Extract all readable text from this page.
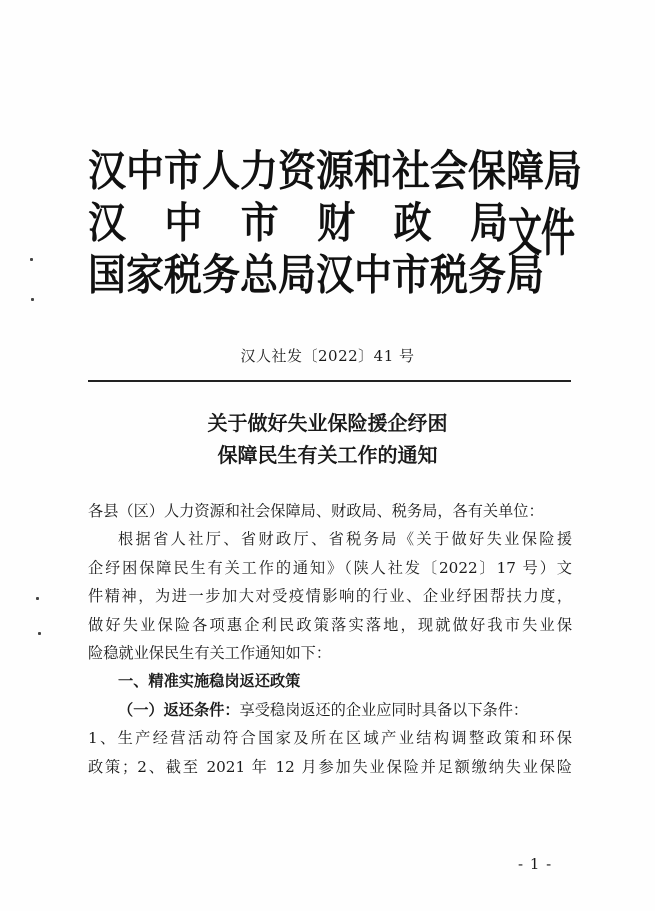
汉中市人力资源和社会保障局
汉 中 市 财 政 局
国家税务总局汉中市税务局
文件
汉人社发〔2022〕41 号
关于做好失业保险援企纾困
保障民生有关工作的通知
各县（区）人力资源和社会保障局、财政局、税务局，各有关单位：
根据省人社厅、省财政厅、省税务局《关于做好失业保险援
企纾困保障民生有关工作的通知》（陕人社发〔2022〕17 号）文
件精神，为进一步加大对受疫情影响的行业、企业纾困帮扶力度，
做好失业保险各项惠企利民政策落实落地，现就做好我市失业保
险稳就业保民生有关工作通知如下：
一、精准实施稳岗返还政策
（一）返还条件：享受稳岗返还的企业应同时具备以下条件：
1、生产经营活动符合国家及所在区域产业结构调整政策和环保
政策；2、截至 2021 年 12 月参加失业保险并足额缴纳失业保险
- 1 -
